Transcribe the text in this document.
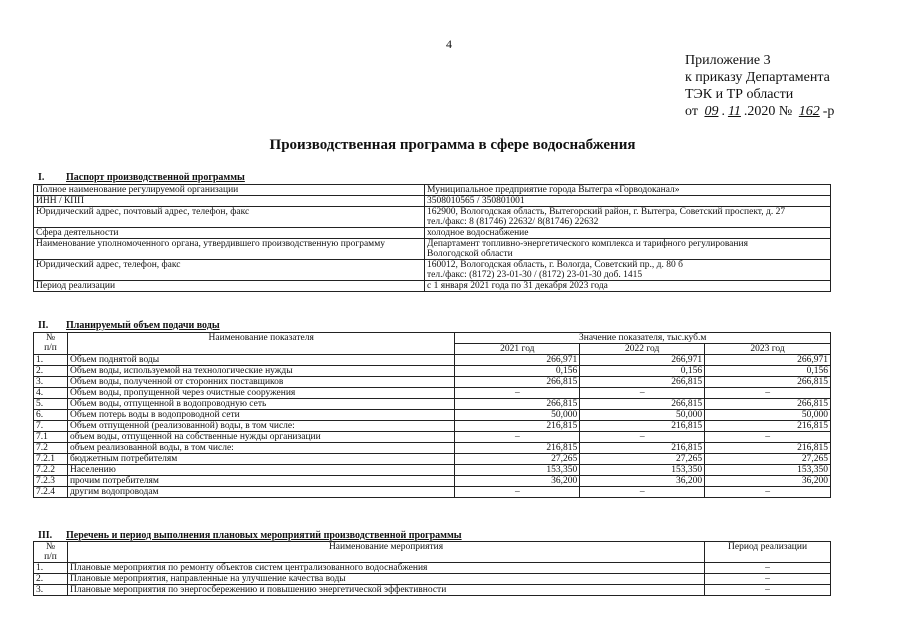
4
Приложение 3
к приказу Департамента
ТЭК и ТР области
от 09 . 11 .2020 № 162 -р
Производственная программа в сфере водоснабжения
I. Паспорт производственной программы
Полное наименование регулируемой организации	Муниципальное предприятие города Вытегра «Горводоканал»

ИНН / КПП	3508010565 / 350801001

Юридический адрес, почтовый адрес, телефон, факс	162900, Вологодская область, Вытегорский район, г. Вытегра, Советский проспект, д. 27
тел./факс: 8 (81746) 22632/ 8(81746) 22632

Сфера деятельности	холодное водоснабжение

Наименование уполномоченного органа, утвердившего производственную программу	Департамент топливно-энергетического комплекса и тарифного регулирования
Вологодской области

Юридический адрес, телефон, факс	160012, Вологодская область, г. Вологда, Советский пр., д. 80 б
тел./факс: (8172) 23-01-30 / (8172) 23-01-30 доб. 1415

Период реализации	с 1 января 2021 года по 31 декабря 2023 года
II. Планируемый объем подачи воды
№
п/п	Наименование показателя	Значение показателя, тыс.куб.м		
		2021 год	2022 год	2023 год
1.	Объем поднятой воды	266,971	266,971	266,971
2.	Объем воды, используемой на технологические нужды	0,156	0,156	0,156
3.	Объем воды, полученной от сторонних поставщиков	266,815	266,815	266,815
4.	Объем воды, пропущенной через очистные сооружения	–	–	–
5.	Объем воды, отпущенной в водопроводную сеть	266,815	266,815	266,815
6.	Объем потерь воды в водопроводной сети	50,000	50,000	50,000
7.	Объем отпущенной (реализованной) воды, в том числе:	216,815	216,815	216,815
7.1	объем воды, отпущенной на собственные нужды организации	–	–	–
7.2	объем реализованной воды, в том числе:	216,815	216,815	216,815
7.2.1	бюджетным потребителям	27,265	27,265	27,265
7.2.2	Населению	153,350	153,350	153,350
7.2.3	прочим потребителям	36,200	36,200	36,200
7.2.4	другим водопроводам	–	–	–
III. Перечень и период выполнения плановых мероприятий производственной программы
№
п/п	Наименование мероприятия	Период реализации
1.	Плановые мероприятия по ремонту объектов систем централизованного водоснабжения	–
2.	Плановые мероприятия, направленные на улучшение качества воды	–
3.	Плановые мероприятия по энергосбережению и повышению энергетической эффективности	–
